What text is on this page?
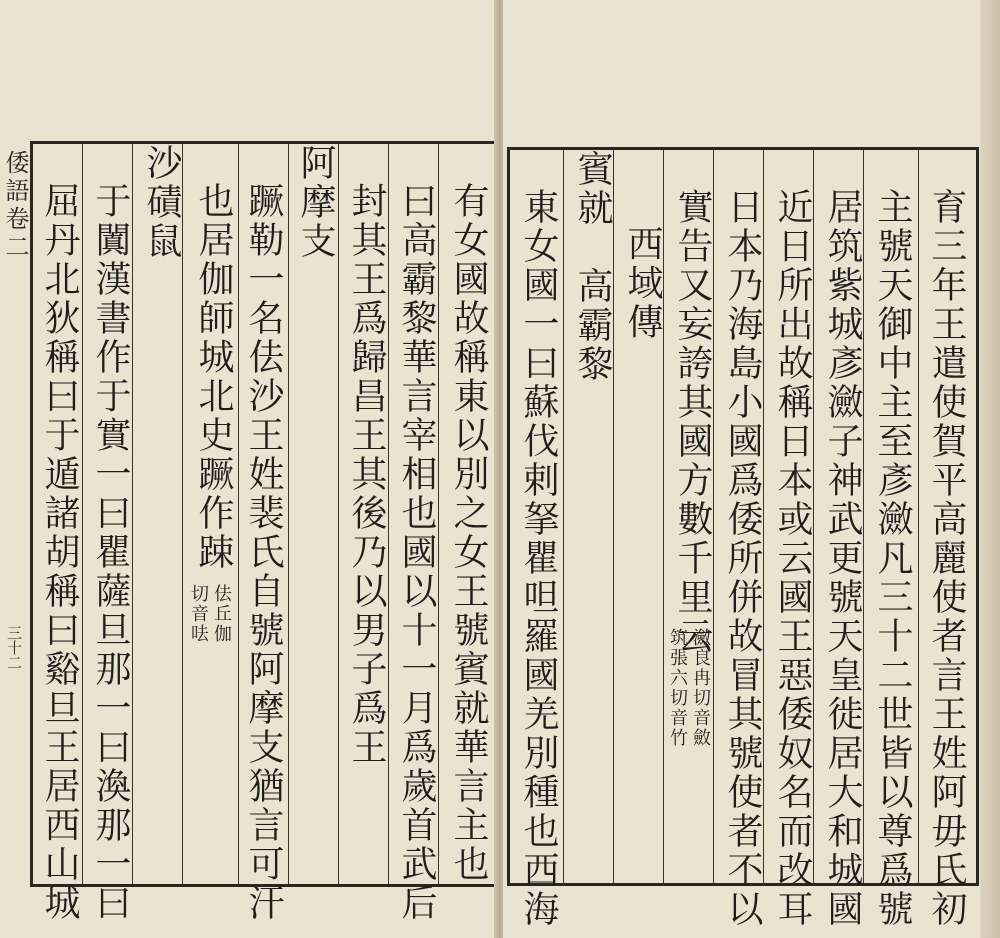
倭語卷二
三十二	有女國故稱東以別之女王號賓就華言主也
曰高霸黎華言宰相也國以十一月爲歲首武后
封其王爲歸昌王其後乃以男子爲王
阿摩支
蹶勒一名佉沙王姓裴氏自號阿摩支猶言可汗
也居伽師城北史蹶作踈
佉丘伽
切音呿
沙磧鼠
于闐漢書作于實一曰瞿薩旦那一曰渙那一曰
屈丹北狄稱曰于遁諸胡稱曰谿旦王居西山城	育三年王遣使賀平高麗使者言王姓阿毋氏初
主號天御中主至彥瀲凡三十二世皆以尊爲號
居筑紫城彥瀲子神武更號天皇徙居大和城國
近日所出故稱日本或云國王惡倭奴名而改耳
日本乃海島小國爲倭所併故冒其號使者不以
實告又妄誇其國方數千里云
瀲良冉切音斂
筑張六切音竹
西域傳
賓就　高霸黎
東女國一曰蘇伐剌拏瞿呾羅國羌別種也西海
